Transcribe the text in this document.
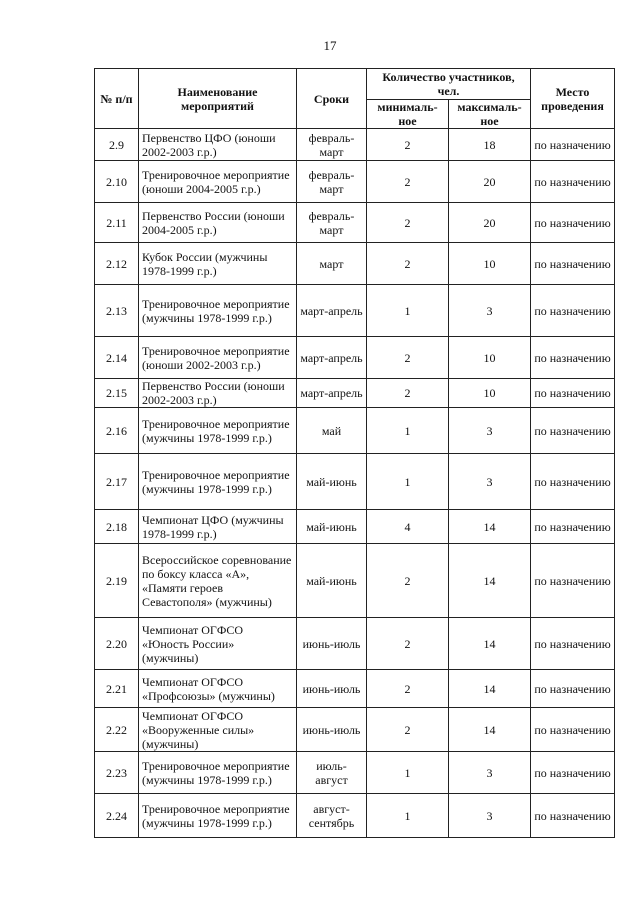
17
№ п/п	Наименование мероприятий	Сроки	Количество участников, чел.		Место проведения
			минималь-ное	максималь-ное	
2.9	Первенство ЦФО (юноши 2002-2003 г.р.)	февраль-март	2	18	по назначению
2.10	Тренировочное мероприятие (юноши 2004-2005 г.р.)	февраль-март	2	20	по назначению
2.11	Первенство России (юноши 2004-2005 г.р.)	февраль-март	2	20	по назначению
2.12	Кубок России (мужчины 1978-1999 г.р.)	март	2	10	по назначению
2.13	Тренировочное мероприятие (мужчины 1978-1999 г.р.)	март-апрель	1	3	по назначению
2.14	Тренировочное мероприятие (юноши 2002-2003 г.р.)	март-апрель	2	10	по назначению
2.15	Первенство России (юноши 2002-2003 г.р.)	март-апрель	2	10	по назначению
2.16	Тренировочное мероприятие (мужчины 1978-1999 г.р.)	май	1	3	по назначению
2.17	Тренировочное мероприятие (мужчины 1978-1999 г.р.)	май-июнь	1	3	по назначению
2.18	Чемпионат ЦФО (мужчины 1978-1999 г.р.)	май-июнь	4	14	по назначению
2.19	Всероссийское соревнование по боксу класса «А», «Памяти героев Севастополя» (мужчины)	май-июнь	2	14	по назначению
2.20	Чемпионат ОГФСО «Юность России» (мужчины)	июнь-июль	2	14	по назначению
2.21	Чемпионат ОГФСО «Профсоюзы» (мужчины)	июнь-июль	2	14	по назначению
2.22	Чемпионат ОГФСО «Вооруженные силы» (мужчины)	июнь-июль	2	14	по назначению
2.23	Тренировочное мероприятие (мужчины 1978-1999 г.р.)	июль-август	1	3	по назначению
2.24	Тренировочное мероприятие (мужчины 1978-1999 г.р.)	август-сентябрь	1	3	по назначению
